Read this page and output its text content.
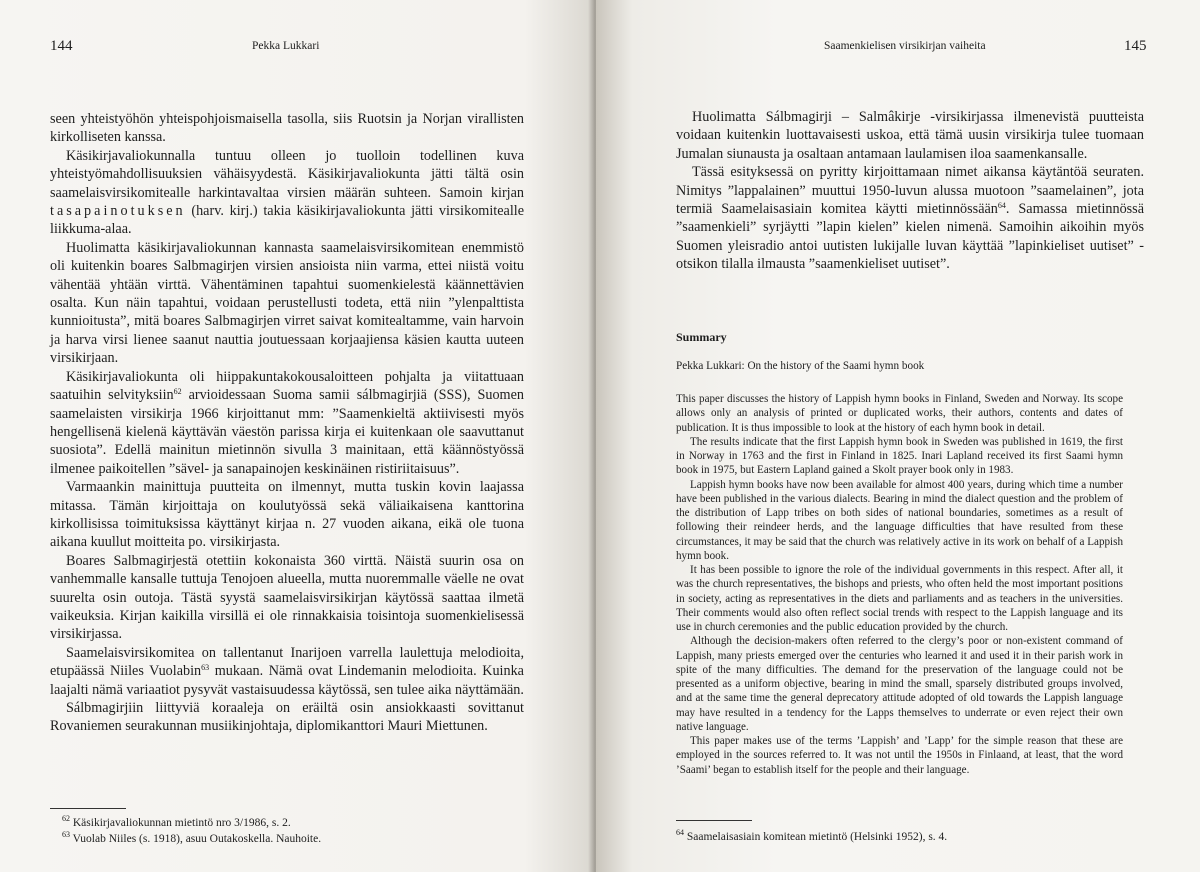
144	Pekka Lukkari

seen yhteistyöhön yhteispohjoismaisella tasolla, siis Ruotsin ja Norjan virallisten kirkolliseten kanssa.

Käsikirjavaliokunnalla tuntuu olleen jo tuolloin todellinen kuva yhteistyömahdollisuuksien vähäisyydestä. Käsikirjavaliokunta jätti tältä osin saamelaisvirsikomitealle harkintavaltaa virsien määrän suhteen. Samoin kirjan tasapainotuksen (harv. kirj.) takia käsikirjavaliokunta jätti virsikomitealle liikkuma-alaa.

Huolimatta käsikirjavaliokunnan kannasta saamelaisvirsikomitean enemmistö oli kuitenkin boares Salbmagirjen virsien ansioista niin varma, ettei niistä voitu vähentää yhtään virttä. Vähentäminen tapahtui suomenkielestä käännettävien osalta. Kun näin tapahtui, voidaan perustellusti todeta, että niin ”ylenpalttista kunnioitusta”, mitä boares Salbmagirjen virret saivat komitealtamme, vain harvoin ja harva virsi lienee saanut nauttia joutuessaan korjaajiensa käsien kautta uuteen virsikirjaan.

Käsikirjavaliokunta oli hiippakuntakokousaloitteen pohjalta ja viitattuaan saatuihin selvityksiin$^{62}$ arvioidessaan Suoma samii sálbmagirjiä (SSS), Suomen saamelaisten virsikirja 1966 kirjoittanut mm: ”Saamenkieltä aktiivisesti myös hengellisenä kielenä käyttävän väestön parissa kirja ei kuitenkaan ole saavuttanut suosiota”. Edellä mainitun mietinnön sivulla 3 mainitaan, että käännöstyössä ilmenee paikoitellen ”sävel- ja sanapainojen keskinäinen ristiriitaisuus”.

Varmaankin mainittuja puutteita on ilmennyt, mutta tuskin kovin laajassa mitassa. Tämän kirjoittaja on koulutyössä sekä väliaikaisena kanttorina kirkollisissa toimituksissa käyttänyt kirjaa n. 27 vuoden aikana, eikä ole tuona aikana kuullut moitteita po. virsikirjasta.

Boares Salbmagirjestä otettiin kokonaista 360 virttä. Näistä suurin osa on vanhemmalle kansalle tuttuja Tenojoen alueella, mutta nuoremmalle väelle ne ovat suurelta osin outoja. Tästä syystä saamelaisvirsikirjan käytössä saattaa ilmetä vaikeuksia. Kirjan kaikilla virsillä ei ole rinnakkaisia toisintoja suomenkielisessä virsikirjassa.

Saamelaisvirsikomitea on tallentanut Inarijoen varrella laulettuja melodioita, etupäässä Niiles Vuolabin$^{63}$ mukaan. Nämä ovat Lindemanin melodioita. Kuinka laajalti nämä variaatiot pysyvät vastaisuudessa käytössä, sen tulee aika näyttämään.

Sálbmagirjiin liittyviä koraaleja on eräiltä osin ansiokkaasti sovittanut Rovaniemen seurakunnan musiikinjohtaja, diplomikanttori Mauri Miettunen.

$^{62}$ Käsikirjavaliokunnan mietintö nro 3/1986, s. 2.
$^{63}$ Vuolab Niiles (s. 1918), asuu Outakoskella. Nauhoite.
Saamenkielisen virsikirjan vaiheita	145

Huolimatta Sálbmagirji – Salmâkirje -virsikirjassa ilmenevistä puutteista voidaan kuitenkin luottavaisesti uskoa, että tämä uusin virsikirja tulee tuomaan Jumalan siunausta ja osaltaan antamaan laulamisen iloa saamenkansalle.

Tässä esityksessä on pyritty kirjoittamaan nimet aikansa käytäntöä seuraten. Nimitys ”lappalainen” muuttui 1950-luvun alussa muotoon ”saamelainen”, jota termiä Saamelaisasiain komitea käytti mietinnössään$^{64}$. Samassa mietinnössä ”saamenkieli” syrjäytti ”lapin kielen” kielen nimenä. Samoihin aikoihin myös Suomen yleisradio antoi uutisten lukijalle luvan käyttää ”lapinkieliset uutiset” -otsikon tilalla ilmausta ”saamenkieliset uutiset”.

Summary
Pekka Lukkari: On the history of the Saami hymn book

This paper discusses the history of Lappish hymn books in Finland, Sweden and Norway. Its scope allows only an analysis of printed or duplicated works, their authors, contents and dates of publication. It is thus impossible to look at the history of each hymn book in detail.

The results indicate that the first Lappish hymn book in Sweden was published in 1619, the first in Norway in 1763 and the first in Finland in 1825. Inari Lapland received its first Saami hymn book in 1975, but Eastern Lapland gained a Skolt prayer book only in 1983.

Lappish hymn books have now been available for almost 400 years, during which time a number have been published in the various dialects. Bearing in mind the dialect question and the problem of the distribution of Lapp tribes on both sides of national boundaries, sometimes as a result of following their reindeer herds, and the language difficulties that have resulted from these circumstances, it may be said that the church was relatively active in its work on behalf of a Lappish hymn book.

It has been possible to ignore the role of the individual governments in this respect. After all, it was the church representatives, the bishops and priests, who often held the most important positions in society, acting as representatives in the diets and parliaments and as teachers in the universities. Their comments would also often reflect social trends with respect to the Lappish language and its use in church ceremonies and the public education provided by the church.

Although the decision-makers often referred to the clergy’s poor or non-existent command of Lappish, many priests emerged over the centuries who learned it and used it in their parish work in spite of the many difficulties. The demand for the preservation of the language could not be presented as a uniform objective, bearing in mind the small, sparsely distributed groups involved, and at the same time the general deprecatory attitude adopted of old towards the Lappish language may have resulted in a tendency for the Lapps themselves to underrate or even reject their own native language.

This paper makes use of the terms ’Lappish’ and ’Lapp’ for the simple reason that these are employed in the sources referred to. It was not until the 1950s in Finlaand, at least, that the word ’Saami’ began to establish itself for the people and their language.

$^{64}$ Saamelaisasiain komitean mietintö (Helsinki 1952), s. 4.
